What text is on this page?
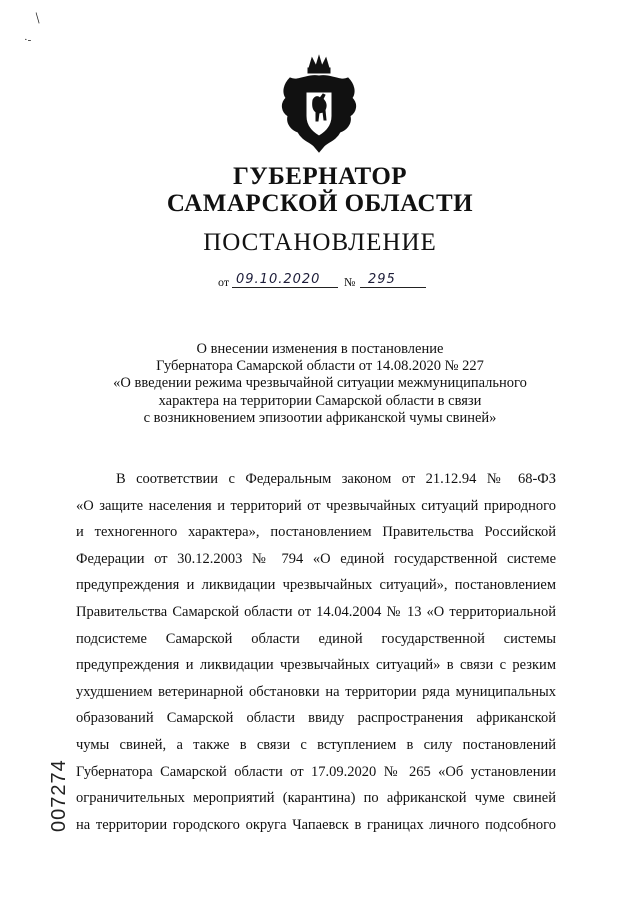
/
·‐
ГУБЕРНАТОР
САМАРСКОЙ ОБЛАСТИ
ПОСТАНОВЛЕНИЕ
от 09.10.2020 № 295
О внесении изменения в постановление
Губернатора Самарской области от 14.08.2020 № 227
«О введении режима чрезвычайной ситуации межмуниципального
характера на территории Самарской области в связи
с возникновением эпизоотии африканской чумы свиней»
В соответствии с Федеральным законом от 21.12.94 № 68-ФЗ
«О защите населения и территорий от чрезвычайных ситуаций природного
и техногенного характера», постановлением Правительства Российской
Федерации от 30.12.2003 № 794 «О единой государственной системе
предупреждения и ликвидации чрезвычайных ситуаций», постановлением
Правительства Самарской области от 14.04.2004 № 13 «О территориальной
подсистеме Самарской области единой государственной системы
предупреждения и ликвидации чрезвычайных ситуаций» в связи с резким
ухудшением ветеринарной обстановки на территории ряда муниципальных
образований Самарской области ввиду распространения африканской
чумы свиней, а также в связи с вступлением в силу постановлений
Губернатора Самарской области от 17.09.2020 № 265 «Об установлении
ограничительных мероприятий (карантина) по африканской чуме свиней
на территории городского округа Чапаевск в границах личного подсобного
007274
